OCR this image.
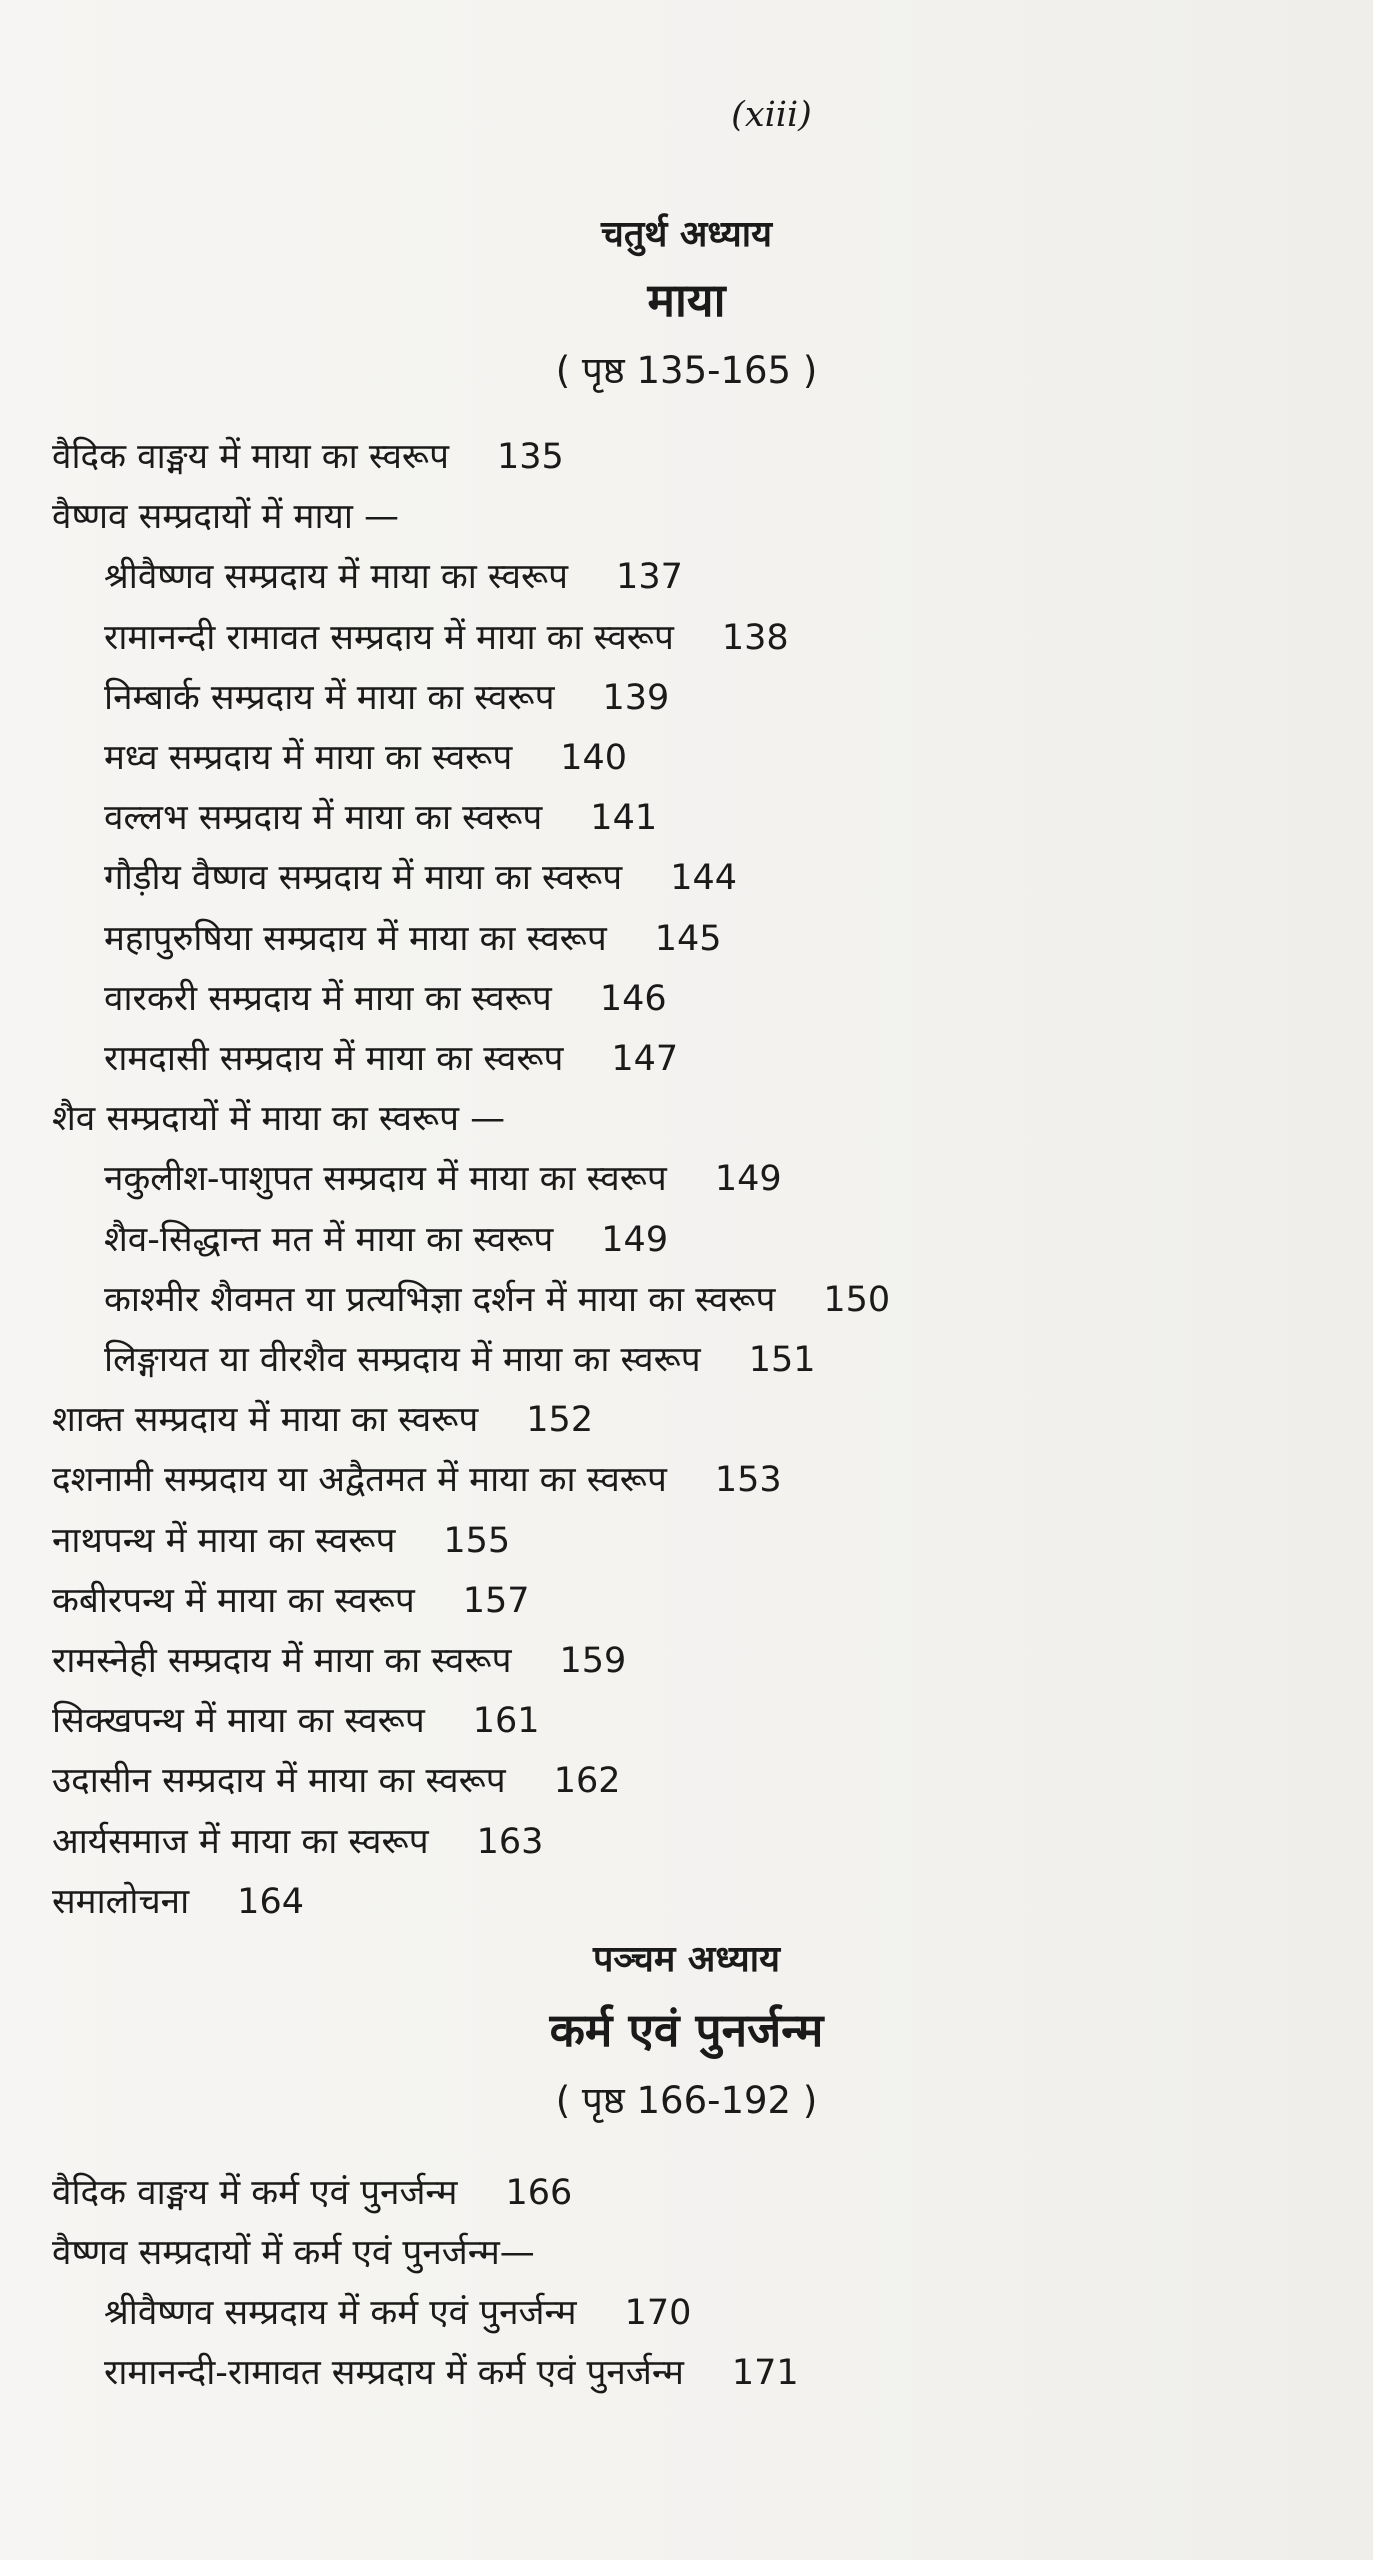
(xiii)
चतुर्थ अध्याय
माया
( पृष्ठ 135-165 )
वैदिक वाङ्मय में माया का स्वरूप 135
वैष्णव सम्प्रदायों में माया —
श्रीवैष्णव सम्प्रदाय में माया का स्वरूप 137
रामानन्दी रामावत सम्प्रदाय में माया का स्वरूप 138
निम्बार्क सम्प्रदाय में माया का स्वरूप 139
मध्व सम्प्रदाय में माया का स्वरूप 140
वल्लभ सम्प्रदाय में माया का स्वरूप 141
गौड़ीय वैष्णव सम्प्रदाय में माया का स्वरूप 144
महापुरुषिया सम्प्रदाय में माया का स्वरूप 145
वारकरी सम्प्रदाय में माया का स्वरूप 146
रामदासी सम्प्रदाय में माया का स्वरूप 147
शैव सम्प्रदायों में माया का स्वरूप —
नकुलीश-पाशुपत सम्प्रदाय में माया का स्वरूप 149
शैव-सिद्धान्त मत में माया का स्वरूप 149
काश्मीर शैवमत या प्रत्यभिज्ञा दर्शन में माया का स्वरूप 150
लिङ्गायत या वीरशैव सम्प्रदाय में माया का स्वरूप 151
शाक्त सम्प्रदाय में माया का स्वरूप 152
दशनामी सम्प्रदाय या अद्वैतमत में माया का स्वरूप 153
नाथपन्थ में माया का स्वरूप 155
कबीरपन्थ में माया का स्वरूप 157
रामस्नेही सम्प्रदाय में माया का स्वरूप 159
सिक्खपन्थ में माया का स्वरूप 161
उदासीन सम्प्रदाय में माया का स्वरूप 162
आर्यसमाज में माया का स्वरूप 163
समालोचना 164
पञ्चम अध्याय
कर्म एवं पुनर्जन्म
( पृष्ठ 166-192 )
वैदिक वाङ्मय में कर्म एवं पुनर्जन्म 166
वैष्णव सम्प्रदायों में कर्म एवं पुनर्जन्म—
श्रीवैष्णव सम्प्रदाय में कर्म एवं पुनर्जन्म 170
रामानन्दी-रामावत सम्प्रदाय में कर्म एवं पुनर्जन्म 171
